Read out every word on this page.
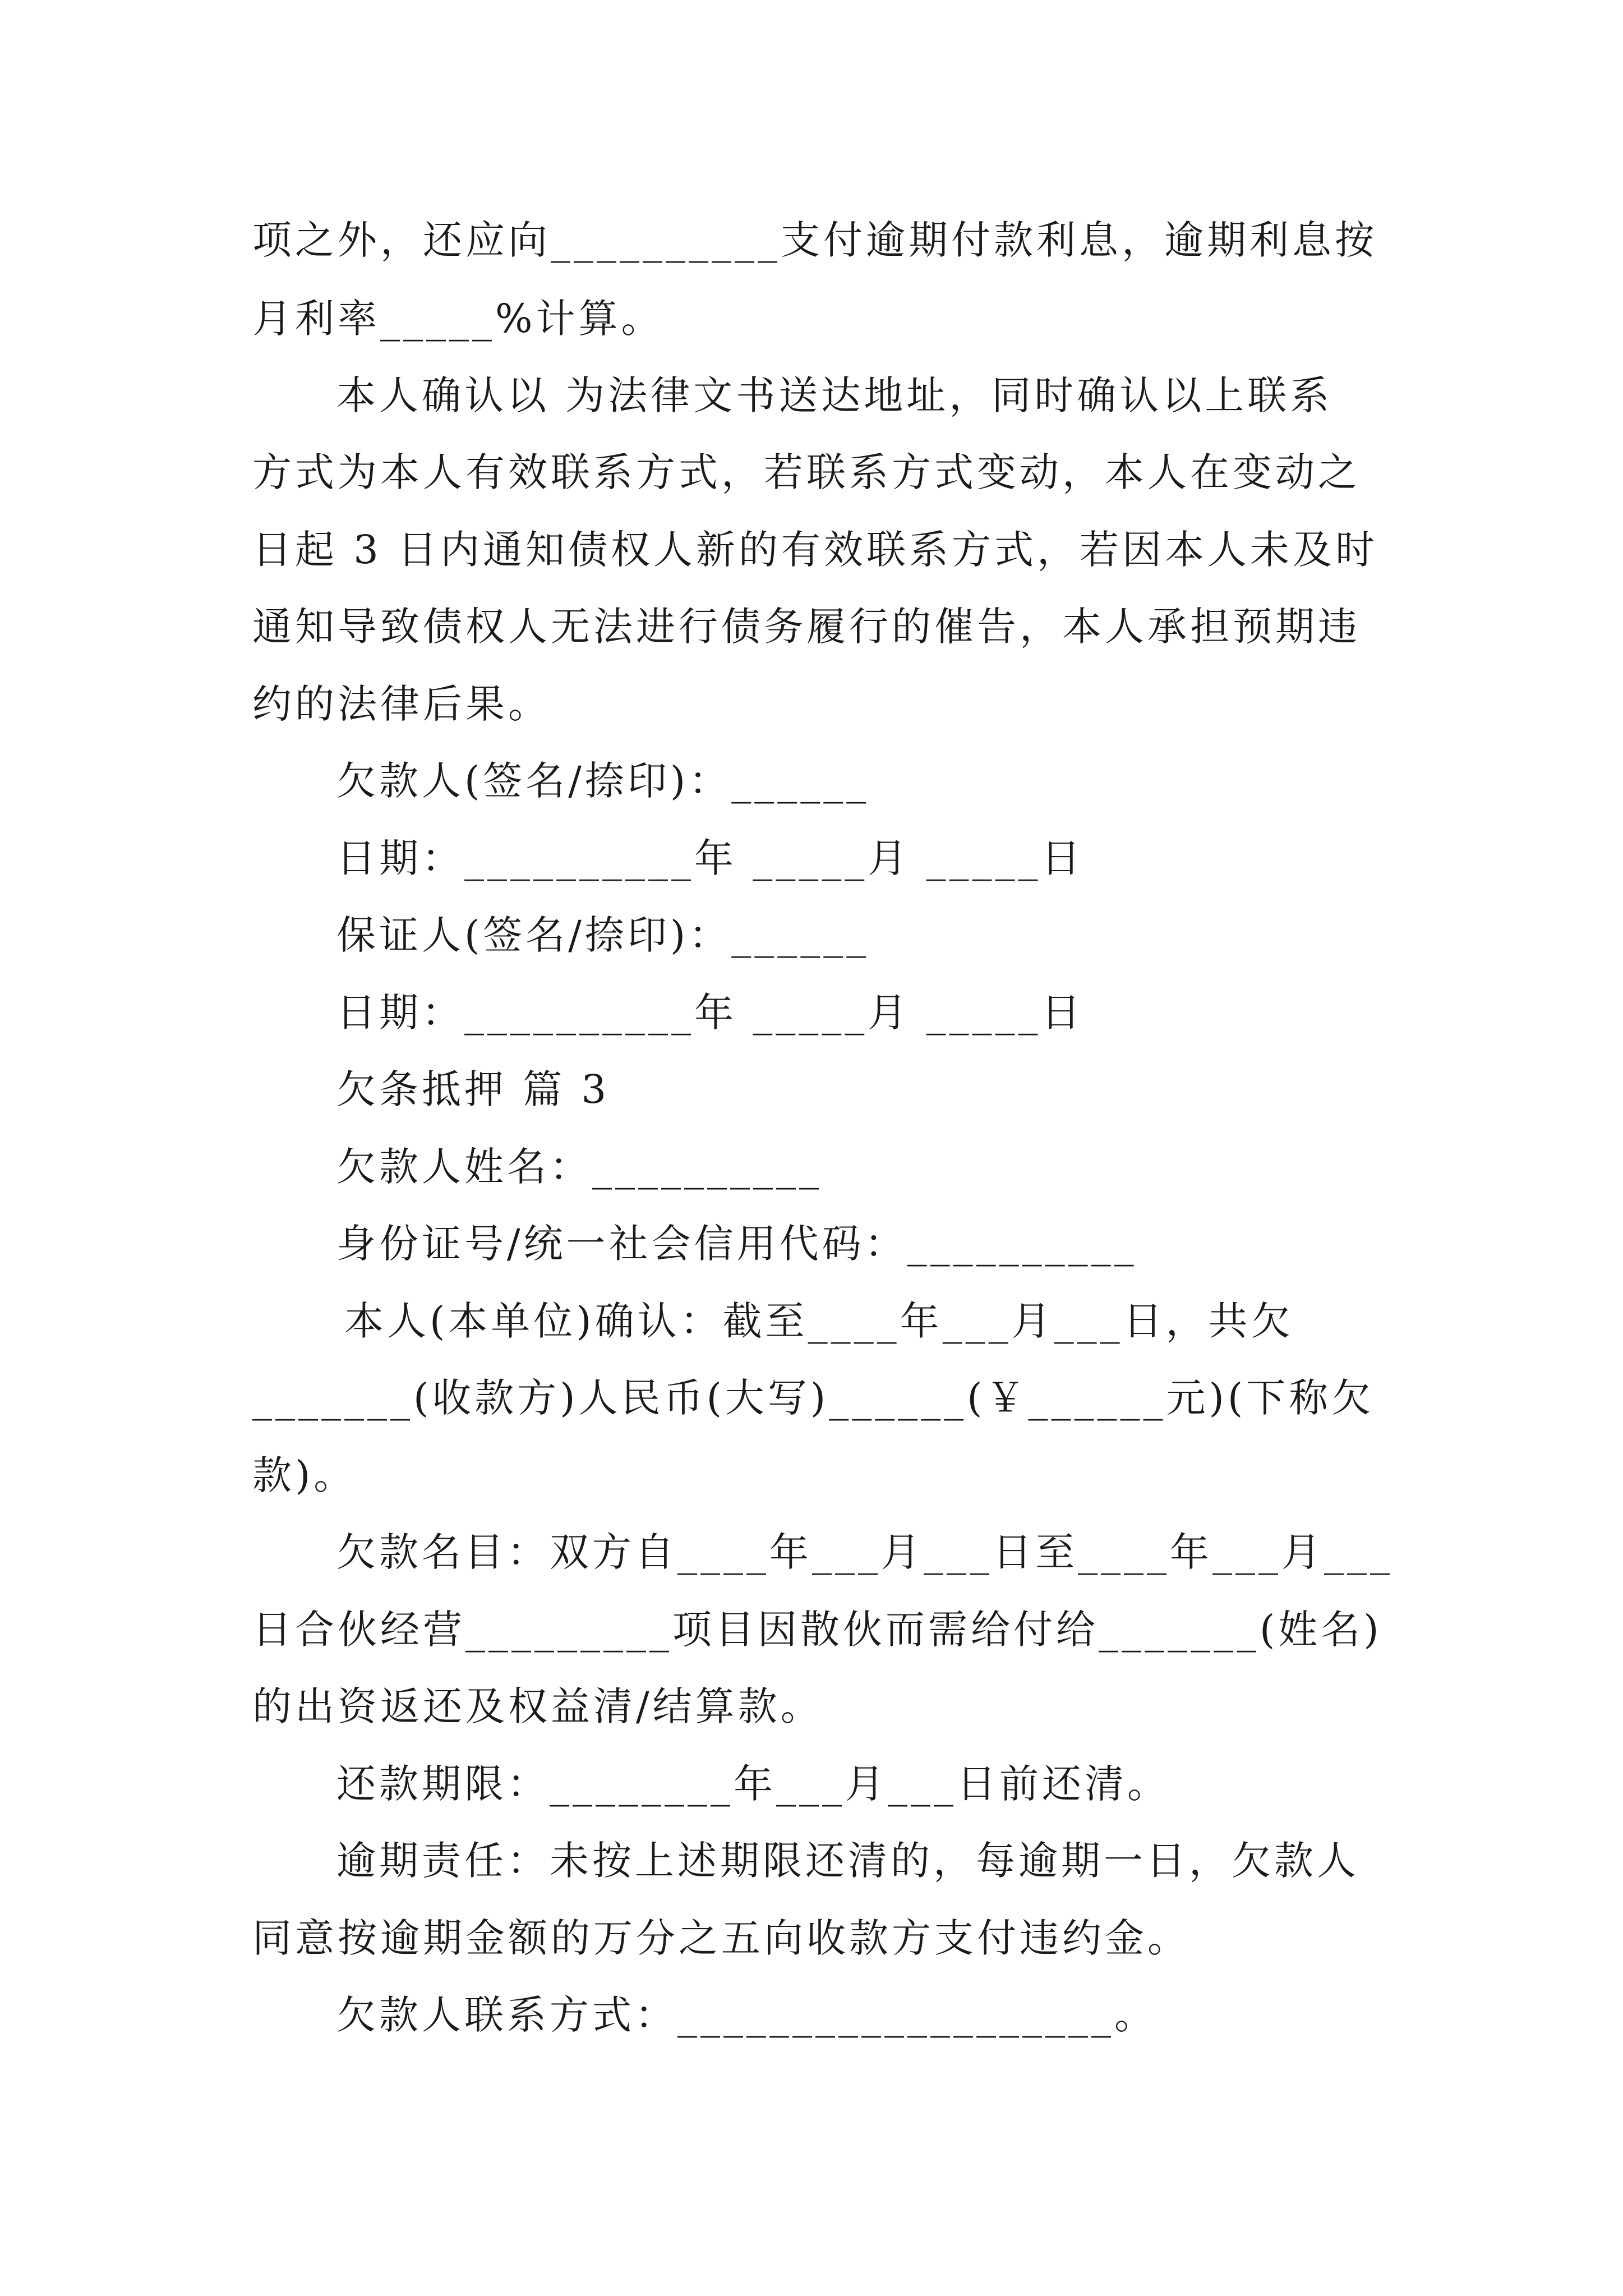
项之外，还应向__________支付逾期付款利息，逾期利息按
月利率_____%计算。
本人确认以 为法律文书送达地址，同时确认以上联系
方式为本人有效联系方式，若联系方式变动，本人在变动之
日起 3 日内通知债权人新的有效联系方式，若因本人未及时
通知导致债权人无法进行债务履行的催告，本人承担预期违
约的法律后果。
欠款人(签名/捺印)：______
日期：__________年 _____月 _____日
保证人(签名/捺印)：______
日期：__________年 _____月 _____日
欠条抵押 篇 3
欠款人姓名：__________
身份证号/统一社会信用代码：__________
本人(本单位)确认：截至____年___月___日，共欠
_______(收款方)人民币(大写)______(￥______元)(下称欠
款)。
欠款名目：双方自____年___月___日至____年___月___
日合伙经营_________项目因散伙而需给付给_______(姓名)
的出资返还及权益清/结算款。
还款期限：________年___月___日前还清。
逾期责任：未按上述期限还清的，每逾期一日，欠款人
同意按逾期金额的万分之五向收款方支付违约金。
欠款人联系方式：___________________。
